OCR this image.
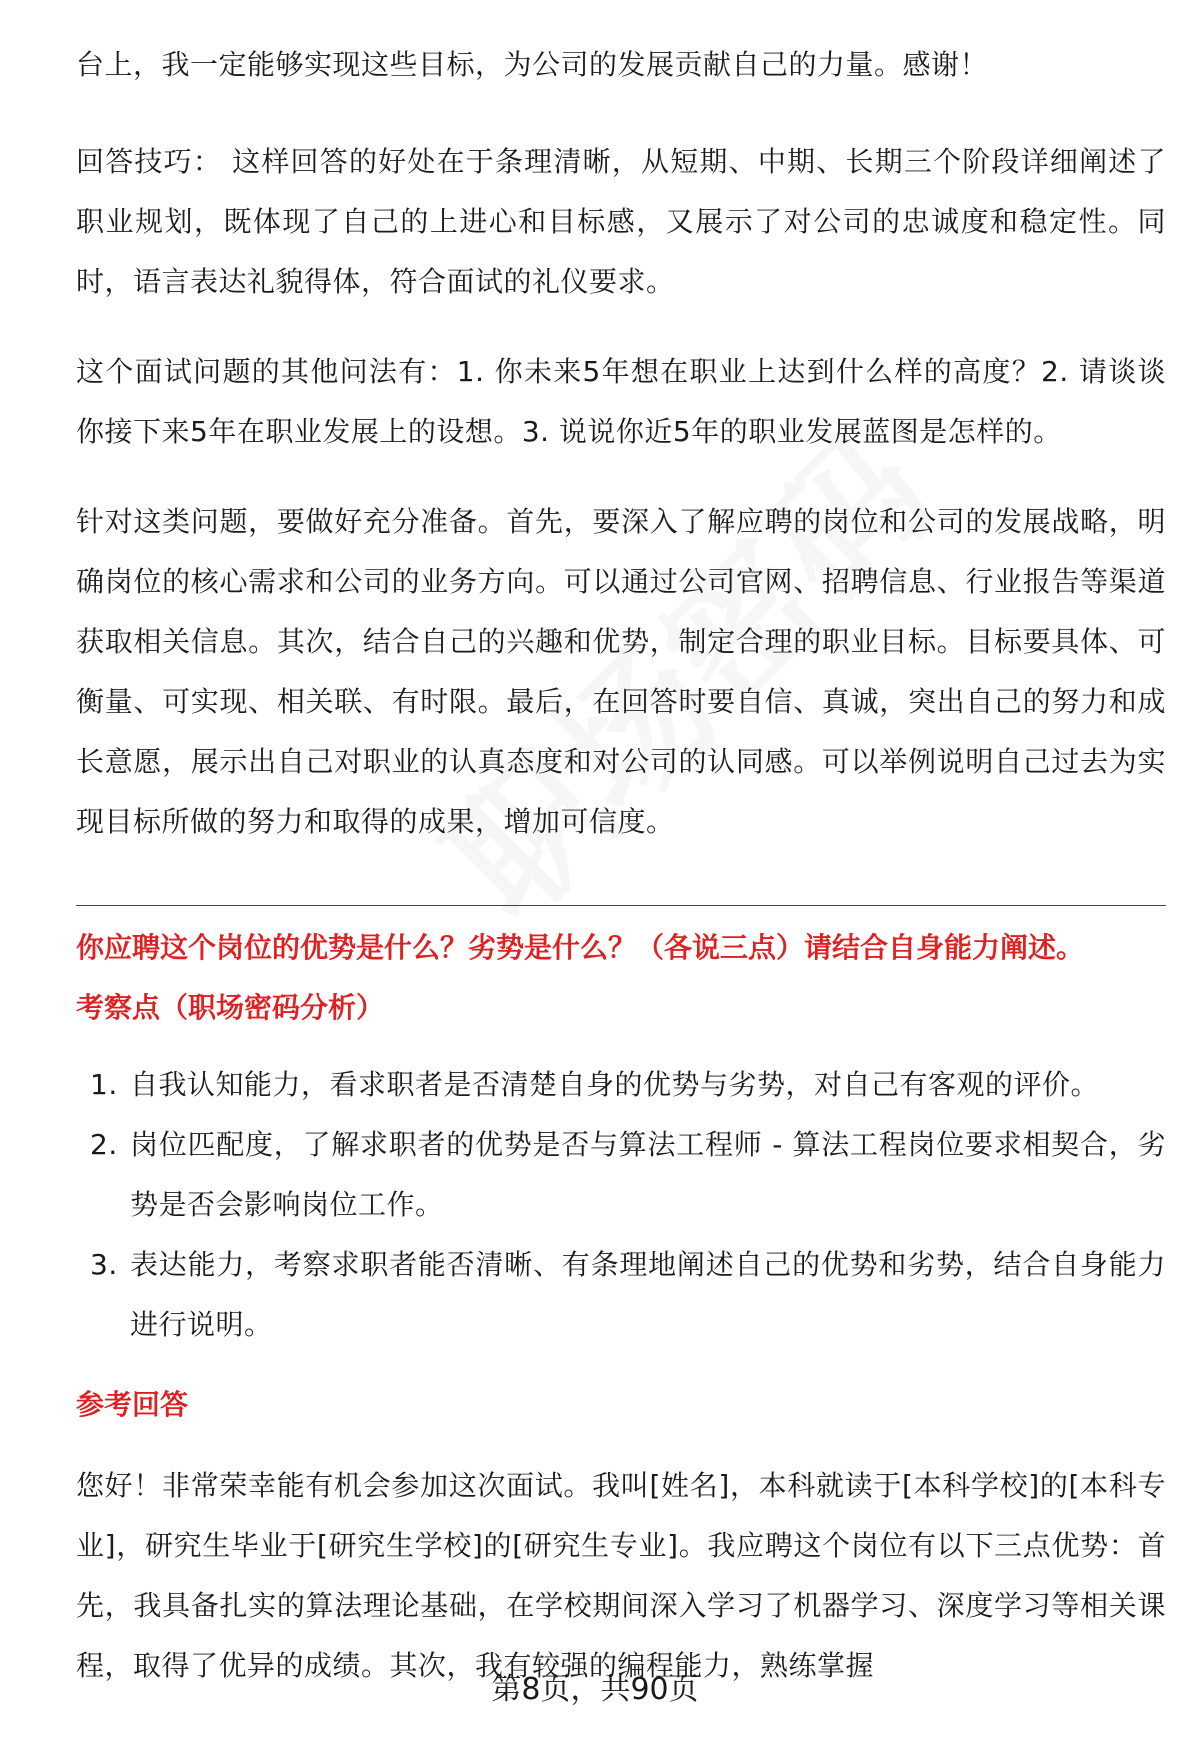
台上，我一定能够实现这些目标，为公司的发展贡献自己的力量。感谢！

回答技巧： 这样回答的好处在于条理清晰，从短期、中期、长期三个阶段详细阐述了职业规划，既体现了自己的上进心和目标感，又展示了对公司的忠诚度和稳定性。同时，语言表达礼貌得体，符合面试的礼仪要求。

这个面试问题的其他问法有：1. 你未来5年想在职业上达到什么样的高度？2. 请谈谈你接下来5年在职业发展上的设想。3. 说说你近5年的职业发展蓝图是怎样的。

针对这类问题，要做好充分准备。首先，要深入了解应聘的岗位和公司的发展战略，明确岗位的核心需求和公司的业务方向。可以通过公司官网、招聘信息、行业报告等渠道获取相关信息。其次，结合自己的兴趣和优势，制定合理的职业目标。目标要具体、可衡量、可实现、相关联、有时限。最后，在回答时要自信、真诚，突出自己的努力和成长意愿，展示出自己对职业的认真态度和对公司的认同感。可以举例说明自己过去为实现目标所做的努力和取得的成果，增加可信度。

你应聘这个岗位的优势是什么？劣势是什么？（各说三点）请结合自身能力阐述。

考察点（职场密码分析）

1. 自我认知能力，看求职者是否清楚自身的优势与劣势，对自己有客观的评价。
2. 岗位匹配度，了解求职者的优势是否与算法工程师 - 算法工程岗位要求相契合，劣势是否会影响岗位工作。
3. 表达能力，考察求职者能否清晰、有条理地阐述自己的优势和劣势，结合自身能力进行说明。

参考回答

您好！非常荣幸能有机会参加这次面试。我叫[姓名]，本科就读于[本科学校]的[本科专业]，研究生毕业于[研究生学校]的[研究生专业]。我应聘这个岗位有以下三点优势：首先，我具备扎实的算法理论基础，在学校期间深入学习了机器学习、深度学习等相关课程，取得了优异的成绩。其次，我有较强的编程能力，熟练掌握

第8页，共90页
